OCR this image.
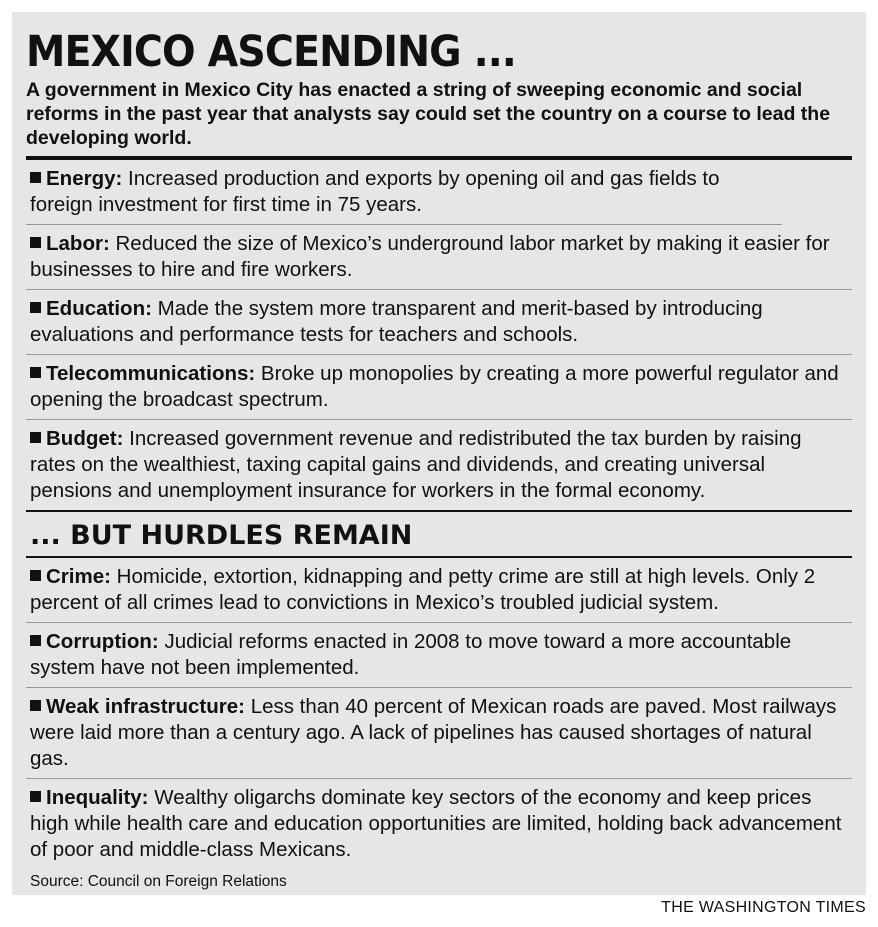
MEXICO ASCENDING ...

A government in Mexico City has enacted a string of sweeping economic and social reforms in the past year that analysts say could set the country on a course to lead the developing world.

Energy: Increased production and exports by opening oil and gas fields to foreign investment for first time in 75 years.
Labor: Reduced the size of Mexico’s underground labor market by making it easier for businesses to hire and fire workers.
Education: Made the system more transparent and merit-based by introducing evaluations and performance tests for teachers and schools.
Telecommunications: Broke up monopolies by creating a more powerful regulator and opening the broadcast spectrum.
Budget: Increased government revenue and redistributed the tax burden by raising rates on the wealthiest, taxing capital gains and dividends, and creating universal pensions and unemployment insurance for workers in the formal economy.
... BUT HURDLES REMAIN
Crime: Homicide, extortion, kidnapping and petty crime are still at high levels. Only 2 percent of all crimes lead to convictions in Mexico’s troubled judicial system.
Corruption: Judicial reforms enacted in 2008 to move toward a more accountable system have not been implemented.
Weak infrastructure: Less than 40 percent of Mexican roads are paved. Most railways were laid more than a century ago. A lack of pipelines has caused shortages of natural gas.
Inequality: Wealthy oligarchs dominate key sectors of the economy and keep prices high while health care and education opportunities are limited, holding back advancement of poor and middle-class Mexicans.
Source: Council on Foreign Relations
THE WASHINGTON TIMES
